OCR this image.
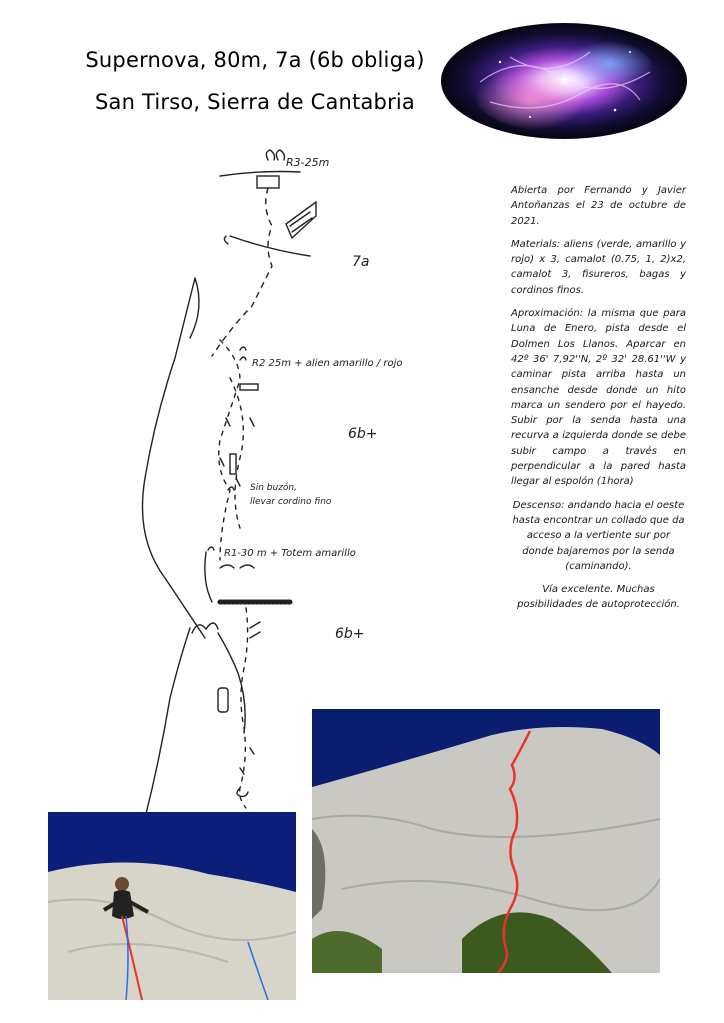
Supernova, 80m, 7a (6b obliga)
San Tirso, Sierra de Cantabria
R3-25m
7a
R2 25m + alien amarillo / rojo
6b+
Sin buzón,
llevar cordino fino
R1-30 m + Totem amarillo
6b+

Abierta por Fernando y Javier Antoñanzas el 23 de octubre de 2021.

Materials: aliens (verde, amarillo y rojo) x 3, camalot (0.75, 1, 2)x2, camalot 3, fisureros, bagas y cordinos finos.

Aproximación: la misma que para Luna de Enero, pista desde el Dolmen Los Llanos. Aparcar en 42º 36' 7,92''N, 2º 32' 28.61''W y caminar pista arriba hasta un ensanche desde donde un hito marca un sendero por el hayedo. Subir por la senda hasta una recurva a izquierda donde se debe subir campo a través en perpendicular a la pared hasta llegar al espolón (1hora)

Descenso: andando hacia el oeste hasta encontrar un collado que da acceso a la vertiente sur por donde bajaremos por la senda (caminando).

Vía excelente. Muchas posibilidades de autoprotección.
